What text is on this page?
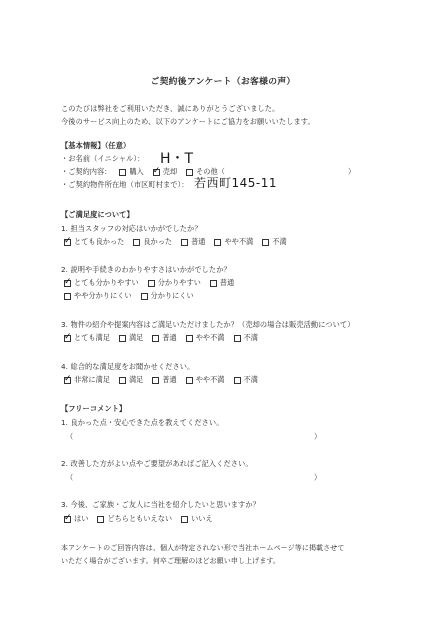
ご契約後アンケート（お客様の声）
このたびは弊社をご利用いただき、誠にありがとうございました。
今後のサービス向上のため、以下のアンケートにご協力をお願いいたします。
【基本情報】（任意）
・お名前（イニシャル）： H・T
・ご契約内容：	購入
✓	売却	その他（	）
・ご契約物件所在地（市区町村まで）： 若西町145-11
【ご満足度について】
1. 担当スタッフの対応はいかがでしたか？
✓
とても良かった	良かった	普通	やや不満	不満
2. 説明や手続きのわかりやすさはいかがでしたか？
✓
とても分かりやすい	分かりやすい	普通
やや分かりにくい	分かりにくい
3. 物件の紹介や提案内容はご満足いただけましたか？（売却の場合は販売活動について）
✓
とても満足	満足	普通	やや不満	不満
4. 総合的な満足度をお聞かせください。
✓
非常に満足	満足	普通	やや不満	不満
【フリーコメント】
1. 良かった点・安心できた点を教えてください。
（	）
2. 改善した方がよい点やご要望があればご記入ください。
（	）
3. 今後、ご家族・ご友人に当社を紹介したいと思いますか？
✓
はい	どちらともいえない	いいえ
本アンケートのご回答内容は、個人が特定されない形で当社ホームページ等に掲載させて
いただく場合がございます。何卒ご理解のほどお願い申し上げます。
